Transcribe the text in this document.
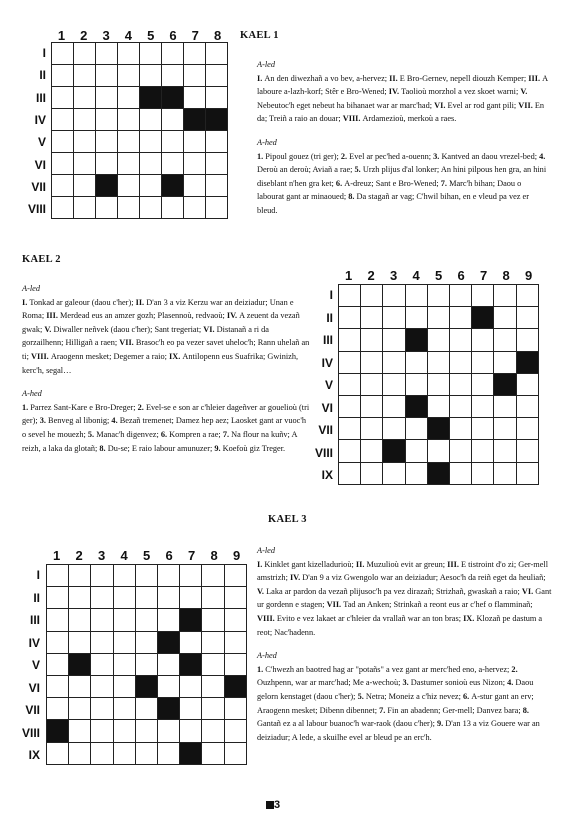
KAEL 1
1	2	3	4	5	6	7	8
I
II
III
IV
V
VI
VII
VIII

A-led

I. An den diwezhañ a vo bev, a-hervez; II. E Bro-Gernev, nepell diouzh Kemper; III. A laboure a-lazh-korf; Stêr e Bro-Wened; IV. Taolioù morzhol a vez skoet warni; V. Nebeutoc'h eget nebeut ha bihanaet war ar marc'had; VI. Evel ar rod gant pili; VII. En da; Treiñ a raio an douar; VIII. Ardamezioù, merkoù a raes.

A-hed

1. Pipoul gouez (tri ger); 2. Evel ar pec'hed a-ouenn; 3. Kantved an daou vrezel-bed; 4. Deroù an deroù; Aviañ a rae; 5. Urzh plijus d'al lonker; An hini pilpous hen gra, an hini diseblant n'hen gra ket; 6. A-dreuz; Sant e Bro-Wened; 7. Marc'h bihan; Daou o labourat gant ar minaoued; 8. Da stagañ ar vag; C'hwil bihan, en e vleud pa vez er bleud.

KAEL 2

A-led

I. Tonkad ar galeour (daou c'her); II. D'an 3 a viz Kerzu war an deiziadur; Unan e Roma; III. Merdead eus an amzer gozh; Plasennoù, redvaoù; IV. A zeuent da vezañ gwak; V. Diwaller neñvek (daou c'her); Sant tregeriat; VI. Distanañ a ri da gorzailhenn; Hilligañ a raen; VII. Brasoc'h eo pa vezer savet uheloc'h; Rann uhelañ an ti; VIII. Araogenn mesket; Degemer a raio; IX. Antilopenn eus Suafrika; Gwinizh, kerc'h, segal…

A-hed

1. Parrez Sant-Kare e Bro-Dreger; 2. Evel-se e son ar c'hleier dageñver ar gouelioù (tri ger); 3. Benveg al libonig; 4. Bezañ tremenet; Damez hep aez; Laosket gant ar vuoc'h o sevel he mouezh; 5. Manac'h digenvez; 6. Kompren a rae; 7. Na flour na kuñv; A reizh, a laka da glotañ; 8. Du-se; E raio labour amunuzer; 9. Koefoù giz Treger.

1	2	3	4	5	6	7	8	9
I
II
III
IV
V
VI
VII
VIII
IX

KAEL 3
1	2	3	4	5	6	7	8	9
I
II
III
IV
V
VI
VII
VIII
IX

A-led

I. Kinklet gant kizelladurioù; II. Muzulioù evit ar greun; III. E tistroint d'o zi; Ger-mell amstrizh; IV. D'an 9 a viz Gwengolo war an deiziadur; Aesoc'h da reiñ eget da heuliañ; V. Laka ar pardon da vezañ plijusoc'h pa vez dirazañ; Strizhañ, gwaskañ a raio; VI. Gant ur gordenn e stagen; VII. Tad an Anken; Strinkañ a reont eus ar c'hef o flamminañ; VIII. Evito e vez lakaet ar c'hleier da vrallañ war an ton bras; IX. Klozañ pe dastum a reot; Nac'hadenn.

A-hed

1. C'hwezh an baotred hag ar "potañs" a vez gant ar merc'hed eno, a-hervez; 2. Ouzhpenn, war ar marc'had; Me a-wechoù; 3. Dastumer sonioù eus Nizon; 4. Daou gelorn kenstaget (daou c'her); 5. Netra; Moneiz a c'hiz nevez; 6. A-stur gant an erv; Araogenn mesket; Dibenn dibennet; 7. Fin an abadenn; Ger-mell; Danvez bara; 8. Gantañ ez a al labour buanoc'h war-raok (daou c'her); 9. D'an 13 a viz Gouere war an deiziadur; A lede, a skuilhe evel ar bleud pe an erc'h.

3
